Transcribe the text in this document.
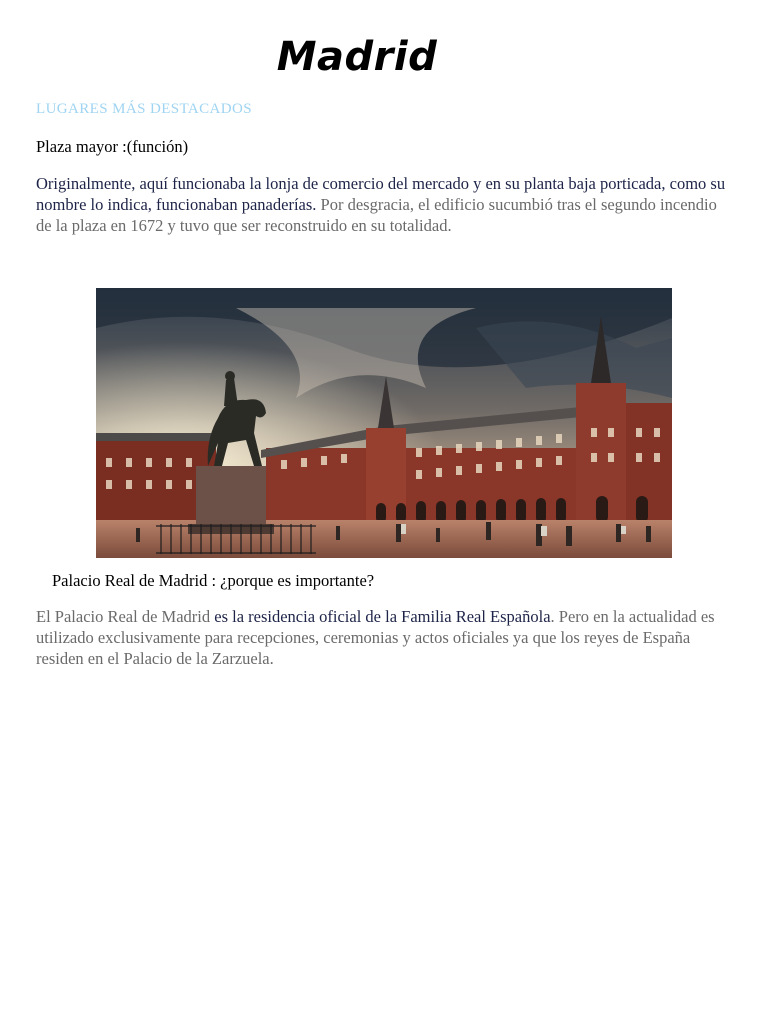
Madrid
LUGARES MÁS DESTACADOS
Plaza mayor :(función)

Originalmente, aquí funcionaba la lonja de comercio del mercado y en su planta baja porticada, como su nombre lo indica, funcionaban panaderías. Por desgracia, el edificio sucumbió tras el segundo incendio de la plaza en 1672 y tuvo que ser reconstruido en su totalidad.

Palacio Real de Madrid : ¿porque es importante?

El Palacio Real de Madrid es la residencia oficial de la Familia Real Española. Pero en la actualidad es utilizado exclusivamente para recepciones, ceremonias y actos oficiales ya que los reyes de España residen en el Palacio de la Zarzuela.
